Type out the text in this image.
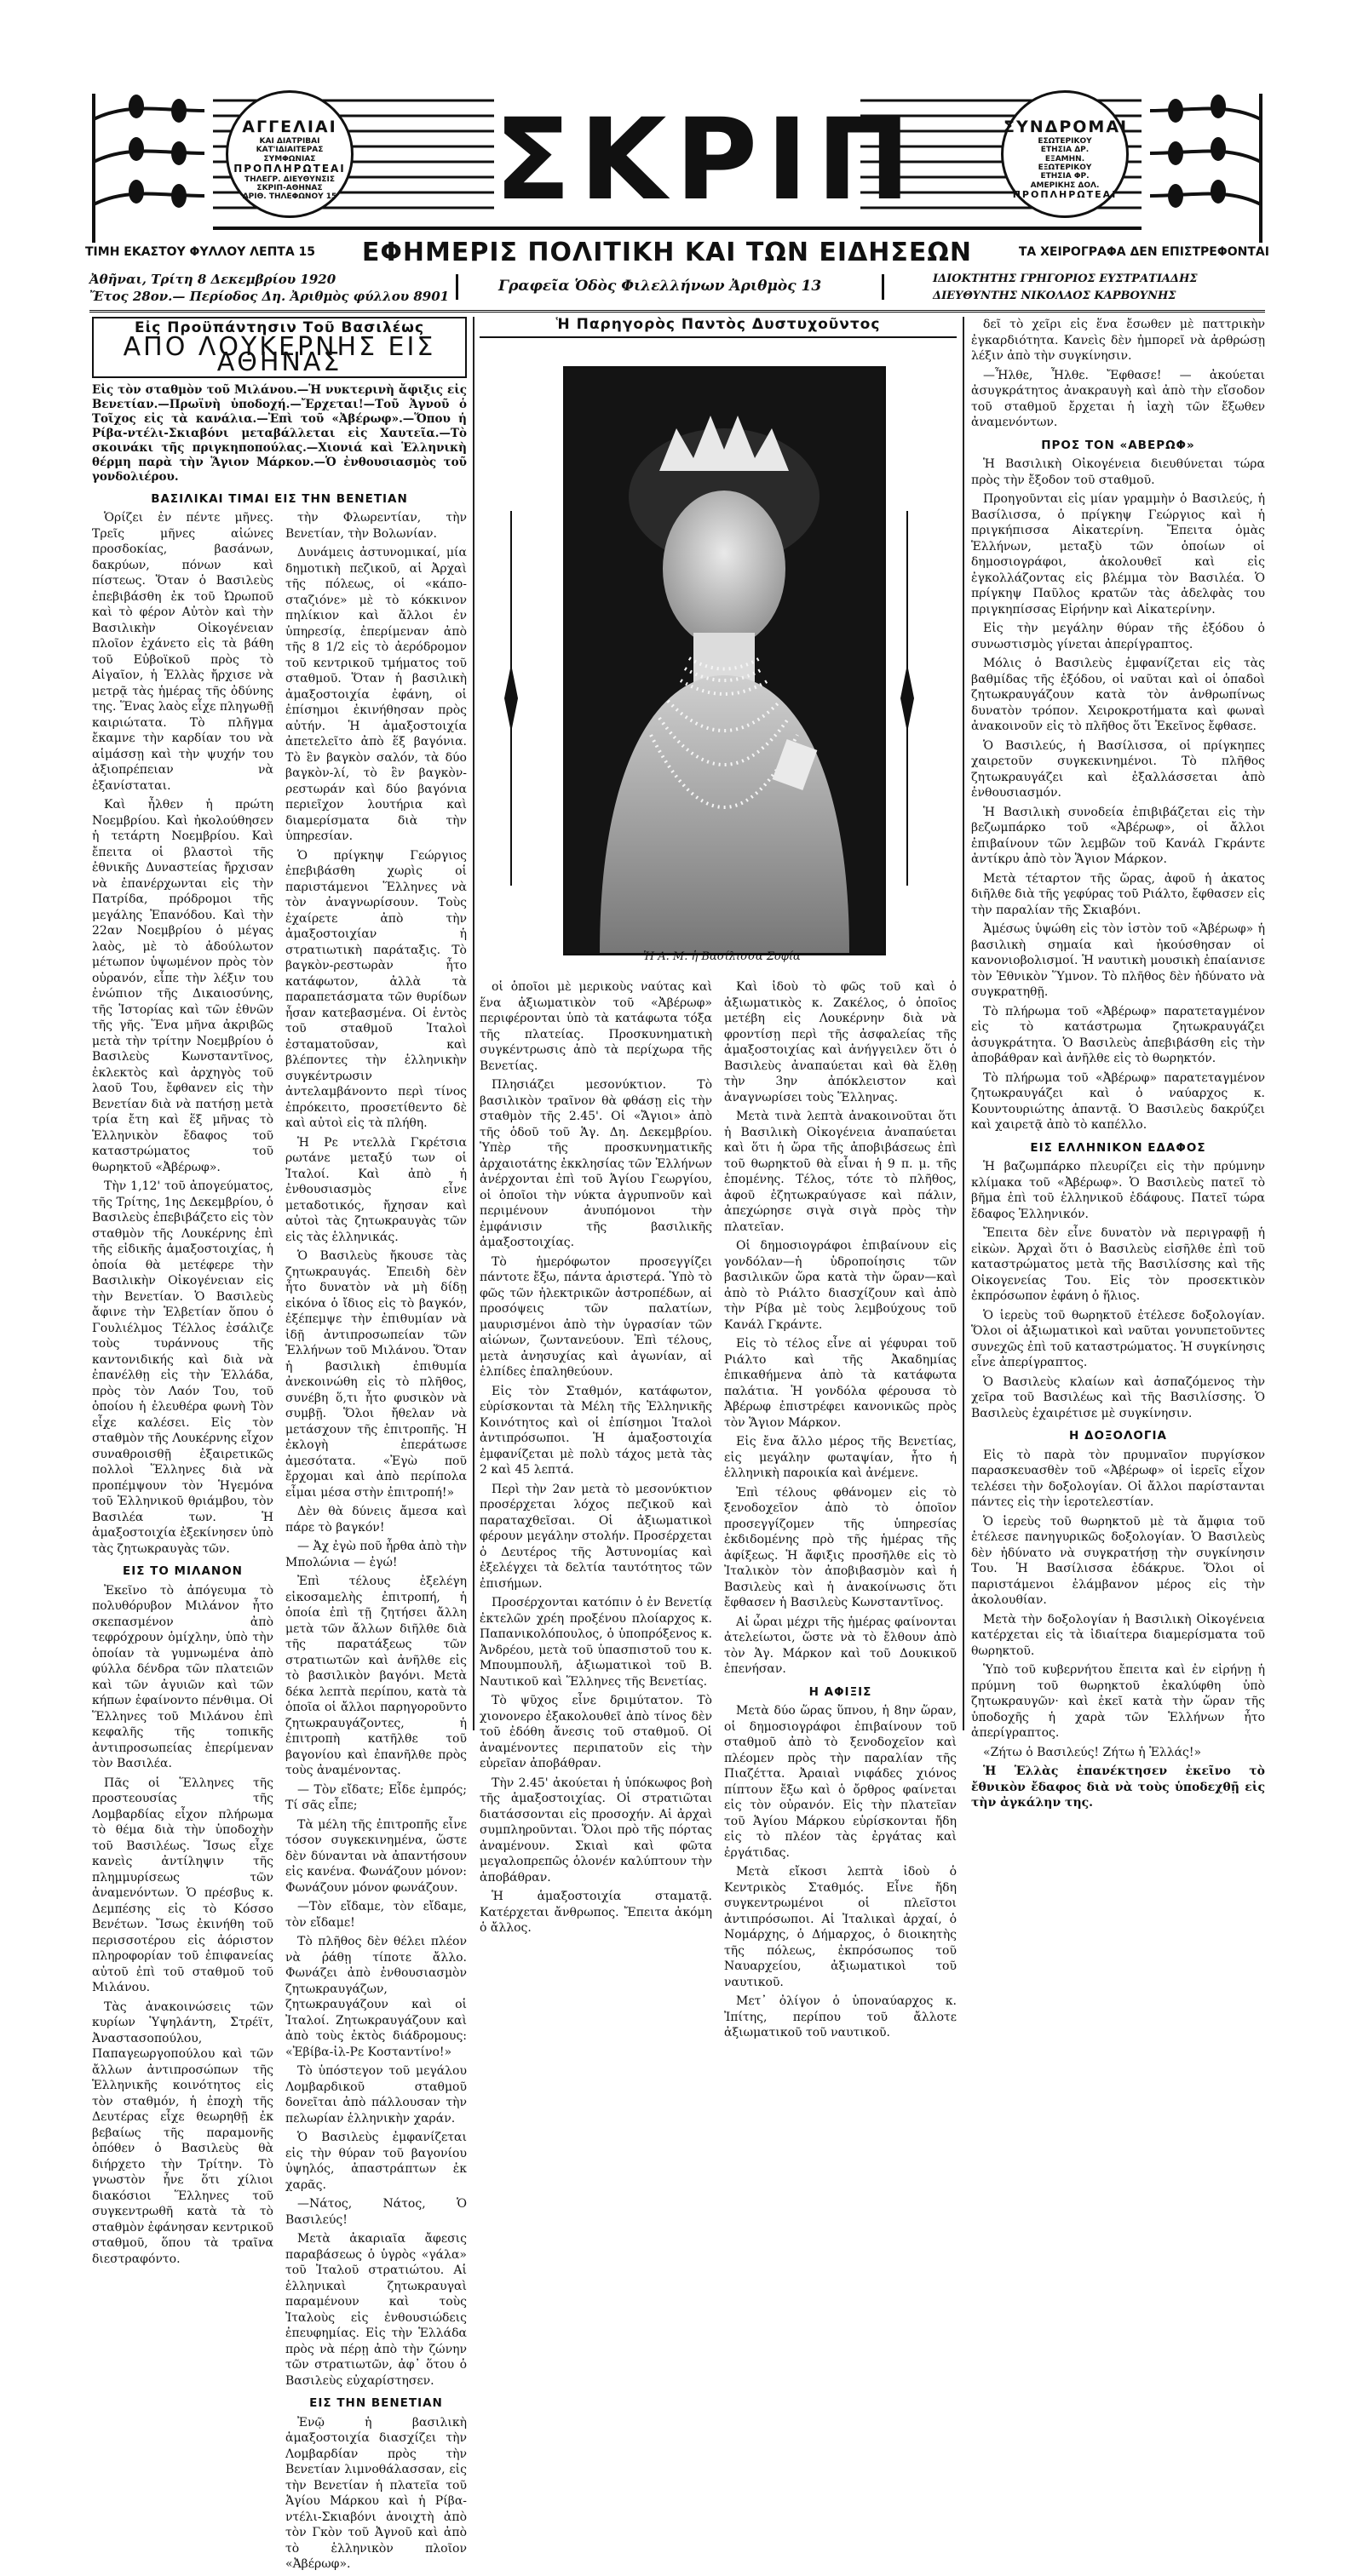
ΑΓΓΕΛΙΑΙ
ΚΑΙ ΔΙΑΤΡΙΒΑΙ
ΚΑΤ'ΙΔΙΑΙΤΕΡΑΣ
ΣΥΜΦΩΝΙΑΣ
ΠΡΟΠΛΗΡΩΤΕΑΙ
ΤΗΛΕΓΡ. ΔΙΕΥΘΥΝΣΙΣ
ΣΚΡΙΠ-ΑΘΗΝΑΣ
ΑΡΙΘ. ΤΗΛΕΦΩΝΟΥ 15 ΣΚΡΙΠ	ΣΥΝΔΡΟΜΑΙ
ΕΣΩΤΕΡΙΚΟΥ
ΕΤΗΣΙΑ ΔΡ.
ΕΞΑΜΗΝ.
ΕΞΩΤΕΡΙΚΟΥ
ΕΤΗΣΙΑ ΦΡ.
ΑΜΕΡΙΚΗΣ ΔΟΛ.
ΠΡΟΠΛΗΡΩΤΕΑΙ
ΤΙΜΗ ΕΚΑΣΤΟΥ ΦΥΛΛΟΥ ΛΕΠΤΑ 15 ΕΦΗΜΕΡΙΣ ΠΟΛΙΤΙΚΗ ΚΑΙ ΤΩΝ ΕΙΔΗΣΕΩΝ	ΤΑ ΧΕΙΡΟΓΡΑΦΑ ΔΕΝ ΕΠΙΣΤΡΕΦΟΝΤΑΙ
Ἀθῆναι, Τρίτη 8 Δεκεμβρίου 1920
Ἔτος 28ον.— Περίοδος Δη. Ἀριθμὸς φύλλου 8901
Γραφεῖα Ὁδὸς Φιλελλήνων Ἀριθμὸς 13	ΙΔΙΟΚΤΗΤΗΣ ΓΡΗΓΟΡΙΟΣ ΕΥΣΤΡΑΤΙΑΔΗΣ
ΔΙΕΥΘΥΝΤΗΣ ΝΙΚΟΛΑΟΣ ΚΑΡΒΟΥΝΗΣ
Εἰς Προϋπάντησιν Τοῦ Βασιλέως
ΑΠΟ ΛΟΥΚΕΡΝΗΣ ΕΙΣ ΑΘΗΝΑΣ
Εἰς τὸν σταθμὸν τοῦ Μιλάνου.—Ἡ νυκτερινὴ ἄφιξις εἰς Βενετίαν.—Πρωϊνὴ ὑποδοχή.—Ἔρχεται!—Τοῦ Ἀγνοῦ ὁ Τοῖχος εἰς τὰ κανάλια.—Ἐπὶ τοῦ «Ἀβέρωφ».—Ὅπου ἡ Ρίβα-ντέλι-Σκιαβόνι μεταβάλλεται εἰς Χαυτεῖα.—Τὸ σκοινάκι τῆς πριγκηποπούλας.—Χιονιά καὶ Ἑλληνικὴ θέρμη παρὰ τὴν Ἅγιον Μάρκον.—Ὁ ἐνθουσιασμὸς τοῦ γονδολιέρου.
ΒΑΣΙΛΙΚΑΙ ΤΙΜΑΙ ΕΙΣ ΤΗΝ ΒΕΝΕΤΙΑΝ

Ὁρίζει ἐν πέντε μῆνες. Τρεῖς μῆνες αἰώνες προσδοκίας, βασάνων, δακρύων, πόνων καὶ πίστεως. Ὅταν ὁ Βασιλεὺς ἐπεβιβάσθη ἐκ τοῦ Ὠρωποῦ καὶ τὸ φέρον Αὐτὸν καὶ τὴν Βασιλικὴν Οἰκογένειαν πλοῖον ἐχάνετο εἰς τὰ βάθη τοῦ Εὐβοϊκοῦ πρὸς τὸ Αἰγαῖον, ἡ Ἑλλὰς ἤρχισε νὰ μετρᾷ τὰς ἡμέρας τῆς ὀδύνης της. Ἕνας λαὸς εἶχε πληγωθῇ καιριώτατα. Τὸ πλῆγμα ἔκαμνε τὴν καρδίαν του νὰ αἱμάσσῃ καὶ τὴν ψυχήν του ἀξιοπρέπειαν νὰ ἐξανίσταται.

Καὶ ἦλθεν ἡ πρώτη Νοεμβρίου. Καὶ ἠκολούθησεν ἡ τετάρτη Νοεμβρίου. Καὶ ἔπειτα οἱ βλαστοὶ τῆς ἐθνικῆς Δυναστείας ἤρχισαν νὰ ἐπανέρχωνται εἰς τὴν Πατρίδα, πρόδρομοι τῆς μεγάλης Ἐπανόδου. Καὶ τὴν 22αν Νοεμβρίου ὁ μέγας λαὸς, μὲ τὸ ἀδούλωτον μέτωπον ὑψωμένον πρὸς τὸν οὐρανόν, εἶπε τὴν λέξιν του ἐνώπιον τῆς Δικαιοσύνης, τῆς Ἱστορίας καὶ τῶν ἐθνῶν τῆς γῆς. Ἕνα μῆνα ἀκριβῶς μετὰ τὴν τρίτην Νοεμβρίου ὁ Βασιλεὺς Κωνσταντῖνος, ἐκλεκτὸς καὶ ἀρχηγὸς τοῦ λαοῦ Του, ἔφθανεν εἰς τὴν Βενετίαν διὰ νὰ πατήσῃ μετὰ τρία ἔτη καὶ ἕξ μῆνας τὸ Ἑλληνικὸν ἔδαφος τοῦ καταστρώματος τοῦ θωρηκτοῦ «Ἀβέρωφ».

Τὴν 1,12' τοῦ ἀπογεύματος, τῆς Τρίτης, 1ης Δεκεμβρίου, ὁ Βασιλεὺς ἐπεβιβάζετο εἰς τὸν σταθμὸν τῆς Λουκέρνης ἐπὶ τῆς εἰδικῆς ἁμαξοστοιχίας, ἡ ὁποία θὰ μετέφερε τὴν Βασιλικὴν Οἰκογένειαν εἰς τὴν Βενετίαν. Ὁ Βασιλεὺς ἄφινε τὴν Ἑλβετίαν ὅπου ὁ Γουλιέλμος Τέλλος ἐσάλιζε τοὺς τυράννους τῆς καντονιδικής καὶ διὰ νὰ ἐπανέλθῃ εἰς τὴν Ἑλλάδα, πρὸς τὸν Λαόν Του, τοῦ ὁποίου ἡ ἐλευθέρα φωνὴ Τὸν εἶχε καλέσει. Εἰς τὸν σταθμὸν τῆς Λουκέρνης εἶχον συναθροισθῇ ἐξαιρετικῶς πολλοὶ Ἕλληνες διὰ νὰ προπέμψουν τὸν Ἡγεμόνα τοῦ Ἑλληνικοῦ θριάμβου, τὸν Βασιλέα των. Ἡ ἁμαξοστοιχία ἐξεκίνησεν ὑπὸ τὰς ζητωκραυγὰς τῶν.

ΕΙΣ ΤΟ ΜΙΛΑΝΟΝ

Ἐκεῖνο τὸ ἀπόγευμα τὸ πολυθόρυβον Μιλάνον ἦτο σκεπασμένον ἀπὸ τεφρόχρουν ὁμίχλην, ὑπὸ τὴν ὁποίαν τὰ γυμνωμένα ἀπὸ φύλλα δένδρα τῶν πλατειῶν καὶ τῶν ἀγυιῶν καὶ τῶν κήπων ἐφαίνοντο πένθιμα. Οἱ Ἕλληνες τοῦ Μιλάνου ἐπὶ κεφαλῆς τῆς τοπικῆς ἀντιπροσωπείας ἐπερίμεναν τὸν Βασιλέα.

Πᾶς οἱ Ἕλληνες τῆς προστεουσίας τῆς Λομβαρδίας εἶχον πλήρωμα τὸ θέμα διὰ τὴν ὑποδοχὴν τοῦ Βασιλέως. Ἴσως εἶχε κανεὶς ἀντίληψιν τῆς πλημμυρίσεως τῶν ἀναμενόντων. Ὁ πρέσβυς κ. Δεμπέσης εἰς τὸ Κόσσο Βενέτων. Ἴσως ἐκινήθη τοῦ περισσοτέρου εἰς ἀόριστον πληροφορίαν τοῦ ἐπιφανείας αὐτοῦ ἐπὶ τοῦ σταθμοῦ τοῦ Μιλάνου.

Τὰς ἀνακοινώσεις τῶν κυρίων Ὑψηλάντη, Στρέϊτ, Ἀναστασοπούλου, Παπαγεωργοπούλου καὶ τῶν ἄλλων ἀντιπροσώπων τῆς Ἑλληνικῆς κοινότητος εἰς τὸν σταθμόν, ἡ ἐποχὴ τῆς Δευτέρας εἶχε θεωρηθῇ ἐκ βεβαίως τῆς παραμονῆς ὁπόθεν ὁ Βασιλεὺς θὰ διήρχετο τὴν Τρίτην. Τὸ γνωστὸν ἦνε ὅτι χίλιοι διακόσιοι Ἕλληνες τοῦ συγκεντρωθῆ κατὰ τὰ τὸ σταθμὸν ἐφάνησαν κεντρικοῦ σταθμοῦ, ὅπου τὰ τραῖνα διεστραφόντο.

τὴν Φλωρεντίαν, τὴν Βενετίαν, τὴν Βολωνίαν.

Δυνάμεις ἀστυνομικαί, μία δημοτικὴ πεζικοῦ, αἱ Ἀρχαὶ τῆς πόλεως, οἱ «κάπο-σταζιόνε» μὲ τὸ κόκκινον πηλίκιον καὶ ἄλλοι ἐν ὑπηρεσίᾳ, ἐπερίμεναν ἀπὸ τῆς 8 1/2 εἰς τὸ ἀερόδρομον τοῦ κεντρικοῦ τμήματος τοῦ σταθμοῦ. Ὅταν ἡ βασιλικὴ ἁμαξοστοιχία ἐφάνη, οἱ ἐπίσημοι ἐκινήθησαν πρὸς αὐτήν. Ἡ ἁμαξοστοιχία ἀπετελεῖτο ἀπὸ ἕξ βαγόνια. Τὸ ἓν βαγκὸν σαλόν, τὰ δύο βαγκὸν-λί, τὸ ἓν βαγκὸν-ρεστωράν καὶ δύο βαγόνια περιεῖχον λουτήρια καὶ διαμερίσματα διὰ τὴν ὑπηρεσίαν.

Ὁ πρίγκηψ Γεώργιος ἐπεβιβάσθη χωρὶς οἱ παριστάμενοι Ἕλληνες νὰ τὸν ἀναγνωρίσουν. Τοὺς ἐχαίρετε ἀπὸ τὴν ἁμαξοστοιχίαν ἡ στρατιωτικὴ παράταξις. Τὸ βαγκὸν-ρεστωρὰν ἦτο κατάφωτον, ἀλλὰ τὰ παραπετάσματα τῶν θυρίδων ἦσαν κατεβασμένα. Οἱ ἐντὸς τοῦ σταθμοῦ Ἰταλοὶ ἐσταματοῦσαν, καὶ βλέποντες τὴν ἑλληνικὴν συγκέντρωσιν ἀντελαμβάνοντο περὶ τίνος ἐπρόκειτο, προσετίθεντο δὲ καὶ αὐτοὶ εἰς τὰ πλήθη.

Ἡ Ρε ντελλὰ Γκρέτσια ρωτάνε μεταξύ των οἱ Ἰταλοί. Καὶ ἀπὸ ἡ ἐνθουσιασμὸς εἶνε μεταδοτικός, ἤχησαν καὶ αὐτοὶ τὰς ζητωκραυγὰς τῶν εἰς τὰς ἑλληνικάς.

Ὁ Βασιλεὺς ἤκουσε τὰς ζητωκραυγάς. Ἐπειδὴ δὲν ἦτο δυνατὸν νὰ μὴ δίδῃ εἰκόνα ὁ ἴδιος εἰς τὸ βαγκόν, ἐξέπεμψε τὴν ἐπιθυμίαν νὰ ἰδῇ ἀντιπροσωπείαν τῶν Ἑλλήνων τοῦ Μιλάνου. Ὅταν ἡ βασιλικὴ ἐπιθυμία ἀνεκοινώθη εἰς τὸ πλῆθος, συνέβη ὅ,τι ἦτο φυσικὸν νὰ συμβῇ. Ὅλοι ἤθελαν νὰ μετάσχουν τῆς ἐπιτροπῆς. Ἡ ἐκλογὴ ἐπεράτωσε ἀμεσότατα. «Ἐγὼ ποῦ ἔρχομαι καὶ ἀπὸ περίπολα εἶμαι μέσα στὴν ἐπιτροπή!»

Δὲν θὰ δύνεις ἄμεσα καὶ πάρε τὸ βαγκόν!

— Ἀχ ἐγὼ ποῦ ἦρθα ἀπὸ τὴν Μπολώνια — ἐγώ!

Ἐπὶ τέλους ἐξελέγη εἰκοσαμελὴς ἐπιτροπή, ἡ ὁποία ἐπὶ τῇ ζητήσει ἄλλη μετὰ τῶν ἄλλων διῆλθε διὰ τῆς παρατάξεως τῶν στρατιωτῶν καὶ ἀνῆλθε εἰς τὸ βασιλικὸν βαγόνι. Μετὰ δέκα λεπτὰ περίπου, κατὰ τὰ ὁποῖα οἱ ἄλλοι παρηγοροῦντο ζητωκραυγάζοντες, ἡ ἐπιτροπὴ κατῆλθε τοῦ βαγονίου καὶ ἐπανῆλθε πρὸς τοὺς ἀναμένοντας.

— Τὸν εἴδατε; Εἶδε ἐμπρός; Τί σᾶς εἶπε;

Τὰ μέλη τῆς ἐπιτροπῆς εἶνε τόσον συγκεκινημένα, ὥστε δὲν δύνανται νὰ ἀπαντήσουν εἰς κανένα. Φωνάζουν μόνον: Φωνάζουν μόνον φωνάζουν.

—Τὸν εἴδαμε, τὸν εἴδαμε, τὸν εἴδαμε!

Τὸ πλῆθος δὲν θέλει πλέον νὰ ῥάθῃ τίποτε ἄλλο. Φωνάζει ἀπὸ ἐνθουσιασμὸν ζητωκραυγάζων, ζητωκραυγάζουν καὶ οἱ Ἰταλοί. Ζητωκραυγάζουν καὶ ἀπὸ τοὺς ἐκτὸς διάδρομους: «Ἐβίβα-ἰλ-Ρε Κοσταντίνο!»

Τὸ ὑπόστεγον τοῦ μεγάλου Λομβαρδικοῦ σταθμοῦ δονεῖται ἀπὸ πάλλουσαν τὴν πελωρίαν ἑλληνικὴν χαράν.

Ὁ Βασιλεὺς ἐμφανίζεται εἰς τὴν θύραν τοῦ βαγονίου ὑψηλός, ἀπαστράπτων ἐκ χαρᾶς.

—Νάτος, Νάτος, Ὁ Βασιλεύς!

Μετὰ ἀκαριαῖα ἄφεσις παραβάσεως ὁ ὑγρὸς «γάλα» τοῦ Ἰταλοῦ στρατιώτου. Αἱ ἑλληνικαὶ ζητωκραυγαὶ παραμένουν καὶ τοὺς Ἰταλοὺς εἰς ἐνθουσιώδεις ἐπευφημίας. Εἰς τὴν Ἑλλάδα πρὸς νὰ πέρῃ ἀπὸ τὴν ζώνην τῶν στρατιωτῶν, ἀφ᾽ ὅτου ὁ Βασιλεὺς εὐχαρίστησεν.

ΕΙΣ ΤΗΝ ΒΕΝΕΤΙΑΝ

Ἐνῷ ἡ βασιλικὴ ἁμαξοστοιχία διασχίζει τὴν Λομβαρδίαν πρὸς τὴν Βενετίαν λιμνοθάλασσαν, εἰς τὴν Βενετίαν ἡ πλατεῖα τοῦ Ἁγίου Μάρκου καὶ ἡ Ρίβα-ντέλι-Σκιαβόνι ἀνοιχτὴ ἀπὸ τὸν Γκὸν τοῦ Ἀγνοῦ καὶ ἀπὸ τὸ ἑλληνικὸν πλοῖον «Ἀβέρωφ».

Ἡ Παρηγορὸς Παντὸς Δυστυχοῦντος
Ἡ Α. Μ. ἡ Βασίλισσα Σοφία

οἱ ὁποῖοι μὲ μερικοὺς ναύτας καὶ ἕνα ἀξιωματικὸν τοῦ «Ἀβέρωφ» περιφέρονται ὑπὸ τὰ κατάφωτα τόξα τῆς πλατείας. Προσκυνηματικὴ συγκέντρωσις ἀπὸ τὰ περίχωρα τῆς Βενετίας.

Πλησιάζει μεσονύκτιον. Τὸ βασιλικὸν τραῖνον θὰ φθάσῃ εἰς τὴν σταθμὸν τῆς 2.45'. Οἱ «Ἄγιοι» ἀπὸ τῆς ὁδοῦ τοῦ Ἁγ. Δη. Δεκεμβρίου. Ὑπὲρ τῆς προσκυνηματικῆς ἀρχαιοτάτης ἐκκλησίας τῶν Ἑλλήνων ἀνέρχονται ἐπὶ τοῦ Ἁγίου Γεωργίου, οἱ ὁποῖοι τὴν νύκτα ἀγρυπνοῦν καὶ περιμένουν ἀνυπόμονοι τὴν ἐμφάνισιν τῆς βασιλικῆς ἁμαξοστοιχίας.

Τὸ ἡμερόφωτον προσεγγίζει πάντοτε ἔξω, πάντα ἀριστερά. Ὑπὸ τὸ φῶς τῶν ἠλεκτρικῶν ἀστροπέδων, αἱ προσόψεις τῶν παλατίων, μαυρισμένοι ἀπὸ τὴν ὑγρασίαν τῶν αἰώνων, ζωντανεύουν. Ἐπὶ τέλους, μετὰ ἀνησυχίας καὶ ἀγωνίαν, αἱ ἐλπίδες ἐπαληθεύουν.

Εἰς τὸν Σταθμόν, κατάφωτον, εὑρίσκονται τὰ Μέλη τῆς Ἑλληνικῆς Κοινότητος καὶ οἱ ἐπίσημοι Ἰταλοὶ ἀντιπρόσωποι. Ἡ ἁμαξοστοιχία ἐμφανίζεται μὲ πολὺ τάχος μετὰ τὰς 2 καὶ 45 λεπτά.

Περὶ τὴν 2αν μετὰ τὸ μεσονύκτιον προσέρχεται λόχος πεζικοῦ καὶ παραταχθεῖσαι. Οἱ ἀξιωματικοὶ φέρουν μεγάλην στολήν. Προσέρχεται ὁ Δευτέρος τῆς Ἀστυνομίας καὶ ἐξελέγχει τὰ δελτία ταυτότητος τῶν ἐπισήμων.

Προσέρχονται κατόπιν ὁ ἐν Βενετίᾳ ἐκτελῶν χρέη προξένου πλοίαρχος κ. Παπανικολόπουλος, ὁ ὑποπρόξενος κ. Ἀνδρέου, μετὰ τοῦ ὑπασπιστοῦ του κ. Μπουμπουλῆ, ἀξιωματικοὶ τοῦ Β. Ναυτικοῦ καὶ Ἕλληνες τῆς Βενετίας.

Τὸ ψῦχος εἶνε δριμύτατον. Τὸ χιονονερο ἐξακολουθεῖ ἀπὸ τίνος δὲν τοῦ ἐδόθη ἄνεσις τοῦ σταθμοῦ. Οἱ ἀναμένοντες περιπατοῦν εἰς τὴν εὐρεῖαν ἀποβάθραν.

Τὴν 2.45' ἀκούεται ἡ ὑπόκωφος βοὴ τῆς ἁμαξοστοιχίας. Οἱ στρατιῶται διατάσσονται εἰς προσοχήν. Αἱ ἀρχαὶ συμπληροῦνται. Ὅλοι πρὸ τῆς πόρτας ἀναμένουν. Σκιαὶ καὶ φῶτα μεγαλοπρεπῶς ὁλονέν καλύπτουν τὴν ἀποβάθραν.

Ἡ ἁμαξοστοιχία σταματᾷ. Κατέρχεται ἄνθρωπος. Ἔπειτα ἀκόμη ὁ ἄλλος.

Καὶ ἰδοὺ τὸ φῶς τοῦ καὶ ὁ ἀξιωματικὸς κ. Ζακέλος, ὁ ὁποῖος μετέβη εἰς Λουκέρνην διὰ νὰ φροντίσῃ περὶ τῆς ἀσφαλείας τῆς ἁμαξοστοιχίας καὶ ἀνήγγειλεν ὅτι ὁ Βασιλεὺς ἀναπαύεται καὶ θὰ ἔλθῃ τὴν 3ην ἀπόκλειστον καὶ ἀναγνωρίσει τοὺς Ἕλληνας.

Μετὰ τινὰ λεπτὰ ἀνακοινοῦται ὅτι ἡ Βασιλικὴ Οἰκογένεια ἀναπαύεται καὶ ὅτι ἡ ὥρα τῆς ἀποβιβάσεως ἐπὶ τοῦ θωρηκτοῦ θὰ εἶναι ἡ 9 π. μ. τῆς ἐπομένης. Τέλος, τότε τὸ πλῆθος, ἀφοῦ ἐζητωκραύγασε καὶ πάλιν, ἀπεχώρησε σιγὰ σιγὰ πρὸς τὴν πλατεῖαν.

Οἱ δημοσιογράφοι ἐπιβαίνουν εἰς γονδόλαν—ἡ ὑδροποίησις τῶν βασιλικῶν ὥρα κατὰ τὴν ὥραν—καὶ ἀπὸ τὸ Ριάλτο διασχίζουν καὶ ἀπὸ τὴν Ρίβα μὲ τοὺς λεμβούχους τοῦ Κανάλ Γκράντε.

Εἰς τὸ τέλος εἶνε αἱ γέφυραι τοῦ Ριάλτο καὶ τῆς Ἀκαδημίας ἐπικαθήμενα ἀπὸ τὰ κατάφωτα παλάτια. Ἡ γονδόλα φέρουσα τὸ Ἀβέρωφ ἐπιστρέφει κανονικῶς πρὸς τὸν Ἅγιον Μάρκον.

Εἰς ἔνα ἄλλο μέρος τῆς Βενετίας, εἰς μεγάλην φωταψίαν, ἦτο ἡ ἑλληνικὴ παροικία καὶ ἀνέμενε.

Ἐπὶ τέλους φθάνομεν εἰς τὸ ξενοδοχεῖον ἀπὸ τὸ ὁποῖον προσεγγίζομεν τῆς ὑπηρεσίας ἐκδιδομένης πρὸ τῆς ἡμέρας τῆς ἀφίξεως. Ἡ ἄφιξις προσῆλθε εἰς τὸ Ἰταλικὸν τὸν ἀποβιβασμὸν καὶ ἡ Βασιλεὺς καὶ ἡ ἀνακοίνωσις ὅτι ἔφθασεν ἡ Βασιλεὺς Κωνσταντῖνος.

Αἱ ὧραι μέχρι τῆς ἡμέρας φαίνονται ἀτελείωτοι, ὥστε νὰ τὸ ἔλθουν ἀπὸ τὸν Ἁγ. Μάρκον καὶ τοῦ Δουκικοῦ ἐπενήσαν.

Η ΑΦΙΞΙΣ

Μετὰ δύο ὥρας ὕπνου, ἡ 8ην ὥραν, οἱ δημοσιογράφοι ἐπιβαίνουν τοῦ σταθμοῦ ἀπὸ τὸ ξενοδοχεῖον καὶ πλέομεν πρὸς τὴν παραλίαν τῆς Πιαζέττα. Ἀραιαὶ νιφάδες χιόνος πίπτουν ἔξω καὶ ὁ ὄρθρος φαίνεται εἰς τὸν οὐρανόν. Εἰς τὴν πλατεῖαν τοῦ Ἁγίου Μάρκου εὑρίσκονται ἤδη εἰς τὸ πλέον τὰς ἐργάτας καὶ ἐργάτιδας.

Μετὰ εἴκοσι λεπτὰ ἰδοὺ ὁ Κεντρικὸς Σταθμός. Εἶνε ἤδη συγκεντρωμένοι οἱ πλεῖστοι ἀντιπρόσωποι. Αἱ Ἰταλικαὶ ἀρχαί, ὁ Νομάρχης, ὁ Δήμαρχος, ὁ διοικητὴς τῆς πόλεως, ἐκπρόσωπος τοῦ Ναυαρχείου, ἀξιωματικοὶ τοῦ ναυτικοῦ.

Μετ᾽ ὀλίγον ὁ ὑποναύαρχος κ. Ἰπίτης, περίπου τοῦ ἄλλοτε ἀξιωματικοῦ τοῦ ναυτικοῦ.

δεῖ τὸ χεῖρι εἰς ἕνα ἔσωθεν μὲ παττρικὴν ἐγκαρδιότητα. Κανεὶς δὲν ἠμπορεῖ νὰ ἀρθρώσῃ λέξιν ἀπὸ τὴν συγκίνησιν.

—Ἦλθε, Ἦλθε. Ἔφθασε! — ἀκούεται ἀσυγκράτητος ἀνακραυγὴ καὶ ἀπὸ τὴν εἴσοδον τοῦ σταθμοῦ ἔρχεται ἡ ἰαχὴ τῶν ἔξωθεν ἀναμενόντων.

ΠΡΟΣ ΤΟΝ «ΑΒΕΡΩΦ»

Ἡ Βασιλικὴ Οἰκογένεια διευθύνεται τώρα πρὸς τὴν ἔξοδον τοῦ σταθμοῦ.

Προηγοῦνται εἰς μίαν γραμμὴν ὁ Βασιλεύς, ἡ Βασίλισσα, ὁ πρίγκηψ Γεώργιος καὶ ἡ πριγκήπισσα Αἰκατερίνη. Ἔπειτα ὁμὰς Ἑλλήνων, μεταξὺ τῶν ὁποίων οἱ δημοσιογράφοι, ἀκολουθεῖ καὶ εἰς ἐγκολλάζοντας εἰς βλέμμα τὸν Βασιλέα. Ὁ πρίγκηψ Παῦλος κρατῶν τὰς ἀδελφὰς του πριγκηπίσσας Εἰρήνην καὶ Αἰκατερίνην.

Εἰς τὴν μεγάλην θύραν τῆς ἐξόδου ὁ συνωστισμὸς γίνεται ἀπερίγραπτος.

Μόλις ὁ Βασιλεὺς ἐμφανίζεται εἰς τὰς βαθμίδας τῆς ἐξόδου, οἱ ναῦται καὶ οἱ ὁπαδοὶ ζητωκραυγάζουν κατὰ τὸν ἀνθρωπίνως δυνατὸν τρόπον. Χειροκροτήματα καὶ φωναὶ ἀνακοινοῦν εἰς τὸ πλῆθος ὅτι Ἐκεῖνος ἔφθασε.

Ὁ Βασιλεύς, ἡ Βασίλισσα, οἱ πρίγκηπες χαιρετοῦν συγκεκινημένοι. Τὸ πλῆθος ζητωκραυγάζει καὶ ἐξαλλάσσεται ἀπὸ ἐνθουσιασμόν.

Ἡ Βασιλικὴ συνοδεία ἐπιβιβάζεται εἰς τὴν βεζωμπάρκο τοῦ «Ἀβέρωφ», οἱ ἄλλοι ἐπιβαίνουν τῶν λεμβῶν τοῦ Κανάλ Γκράντε ἀντίκρυ ἀπὸ τὸν Ἅγιον Μάρκον.

Μετὰ τέταρτον τῆς ὥρας, ἀφοῦ ἡ ἀκατος διῆλθε διὰ τῆς γεφύρας τοῦ Ριάλτο, ἔφθασεν εἰς τὴν παραλίαν τῆς Σκιαβόνι.

Ἀμέσως ὑψώθη εἰς τὸν ἱστὸν τοῦ «Ἀβέρωφ» ἡ βασιλικὴ σημαία καὶ ἠκούσθησαν οἱ κανονιοβολισμοί. Ἡ ναυτικὴ μουσικὴ ἐπαίανισε τὸν Ἐθνικὸν Ὕμνον. Τὸ πλῆθος δὲν ἠδύνατο νὰ συγκρατηθῇ.

Τὸ πλήρωμα τοῦ «Ἀβέρωφ» παρατεταγμένον εἰς τὸ κατάστρωμα ζητωκραυγάζει ἀσυγκράτητα. Ὁ Βασιλεὺς ἀπεβιβάσθη εἰς τὴν ἀποβάθραν καὶ ἀνῆλθε εἰς τὸ θωρηκτόν.

Τὸ πλήρωμα τοῦ «Ἀβέρωφ» παρατεταγμένον ζητωκραυγάζει καὶ ὁ ναύαρχος κ. Κουντουριώτης ἀπαντᾷ. Ὁ Βασιλεὺς δακρύζει καὶ χαιρετᾷ ἀπὸ τὸ καπέλλο.

ΕΙΣ ΕΛΛΗΝΙΚΟΝ ΕΔΑΦΟΣ

Ἡ βαζωμπάρκο πλευρίζει εἰς τὴν πρύμνην κλίμακα τοῦ «Ἀβέρωφ». Ὁ Βασιλεὺς πατεῖ τὸ βῆμα ἐπὶ τοῦ ἑλληνικοῦ ἐδάφους. Πατεῖ τώρα ἔδαφος Ἑλληνικόν.

Ἔπειτα δὲν εἶνε δυνατὸν νὰ περιγραφῇ ἡ εἰκὼν. Ἀρχαὶ ὅτι ὁ Βασιλεὺς εἰσῆλθε ἐπὶ τοῦ καταστρώματος μετὰ τῆς Βασιλίσσης καὶ τῆς Οἰκογενείας Του. Εἰς τὸν προσεκτικὸν ἐκπρόσωπον ἐφάνη ὁ ἥλιος.

Ὁ ἱερεὺς τοῦ θωρηκτοῦ ἐτέλεσε δοξολογίαν. Ὅλοι οἱ ἀξιωματικοὶ καὶ ναῦται γονυπετοῦντες συνεχῶς ἐπὶ τοῦ καταστρώματος. Ἡ συγκίνησις εἶνε ἀπερίγραπτος.

Ὁ Βασιλεὺς κλαίων καὶ ἀσπαζόμενος τὴν χεῖρα τοῦ Βασιλέως καὶ τῆς Βασιλίσσης. Ὁ Βασιλεὺς ἐχαιρέτισε μὲ συγκίνησιν.

Η ΔΟΞΟΛΟΓΙΑ

Εἰς τὸ παρὰ τὸν πρυμναῖον πυργίσκον παρασκευασθὲν τοῦ «Ἀβέρωφ» οἱ ἱερεῖς εἶχον τελέσει τὴν δοξολογίαν. Οἱ ἄλλοι παρίστανται πάντες εἰς τὴν ἱεροτελεστίαν.

Ὁ ἱερεὺς τοῦ θωρηκτοῦ μὲ τὰ ἄμφια τοῦ ἐτέλεσε πανηγυρικῶς δοξολογίαν. Ὁ Βασιλεὺς δὲν ἠδύνατο νὰ συγκρατήσῃ τὴν συγκίνησιν Του. Ἡ Βασίλισσα ἐδάκρυε. Ὅλοι οἱ παριστάμενοι ἐλάμβανον μέρος εἰς τὴν ἀκολουθίαν.

Μετὰ τὴν δοξολογίαν ἡ Βασιλικὴ Οἰκογένεια κατέρχεται εἰς τὰ ἰδιαίτερα διαμερίσματα τοῦ θωρηκτοῦ.

Ὑπὸ τοῦ κυβερνήτου ἔπειτα καὶ ἐν εἰρήνῃ ἡ πρύμνη τοῦ θωρηκτοῦ ἐκαλύφθη ὑπὸ ζητωκραυγῶν· καὶ ἐκεῖ κατὰ τὴν ὥραν τῆς ὑποδοχῆς ἡ χαρὰ τῶν Ἑλλήνων ἦτο ἀπερίγραπτος.

«Ζήτω ὁ Βασιλεύς! Ζήτω ἡ Ἑλλάς!»

Ἡ Ἑλλὰς ἐπανέκτησεν ἐκεῖνο τὸ ἔθνικὸν ἔδαφος διὰ νὰ τοὺς ὑποδεχθῇ εἰς τὴν ἀγκάλην της.
